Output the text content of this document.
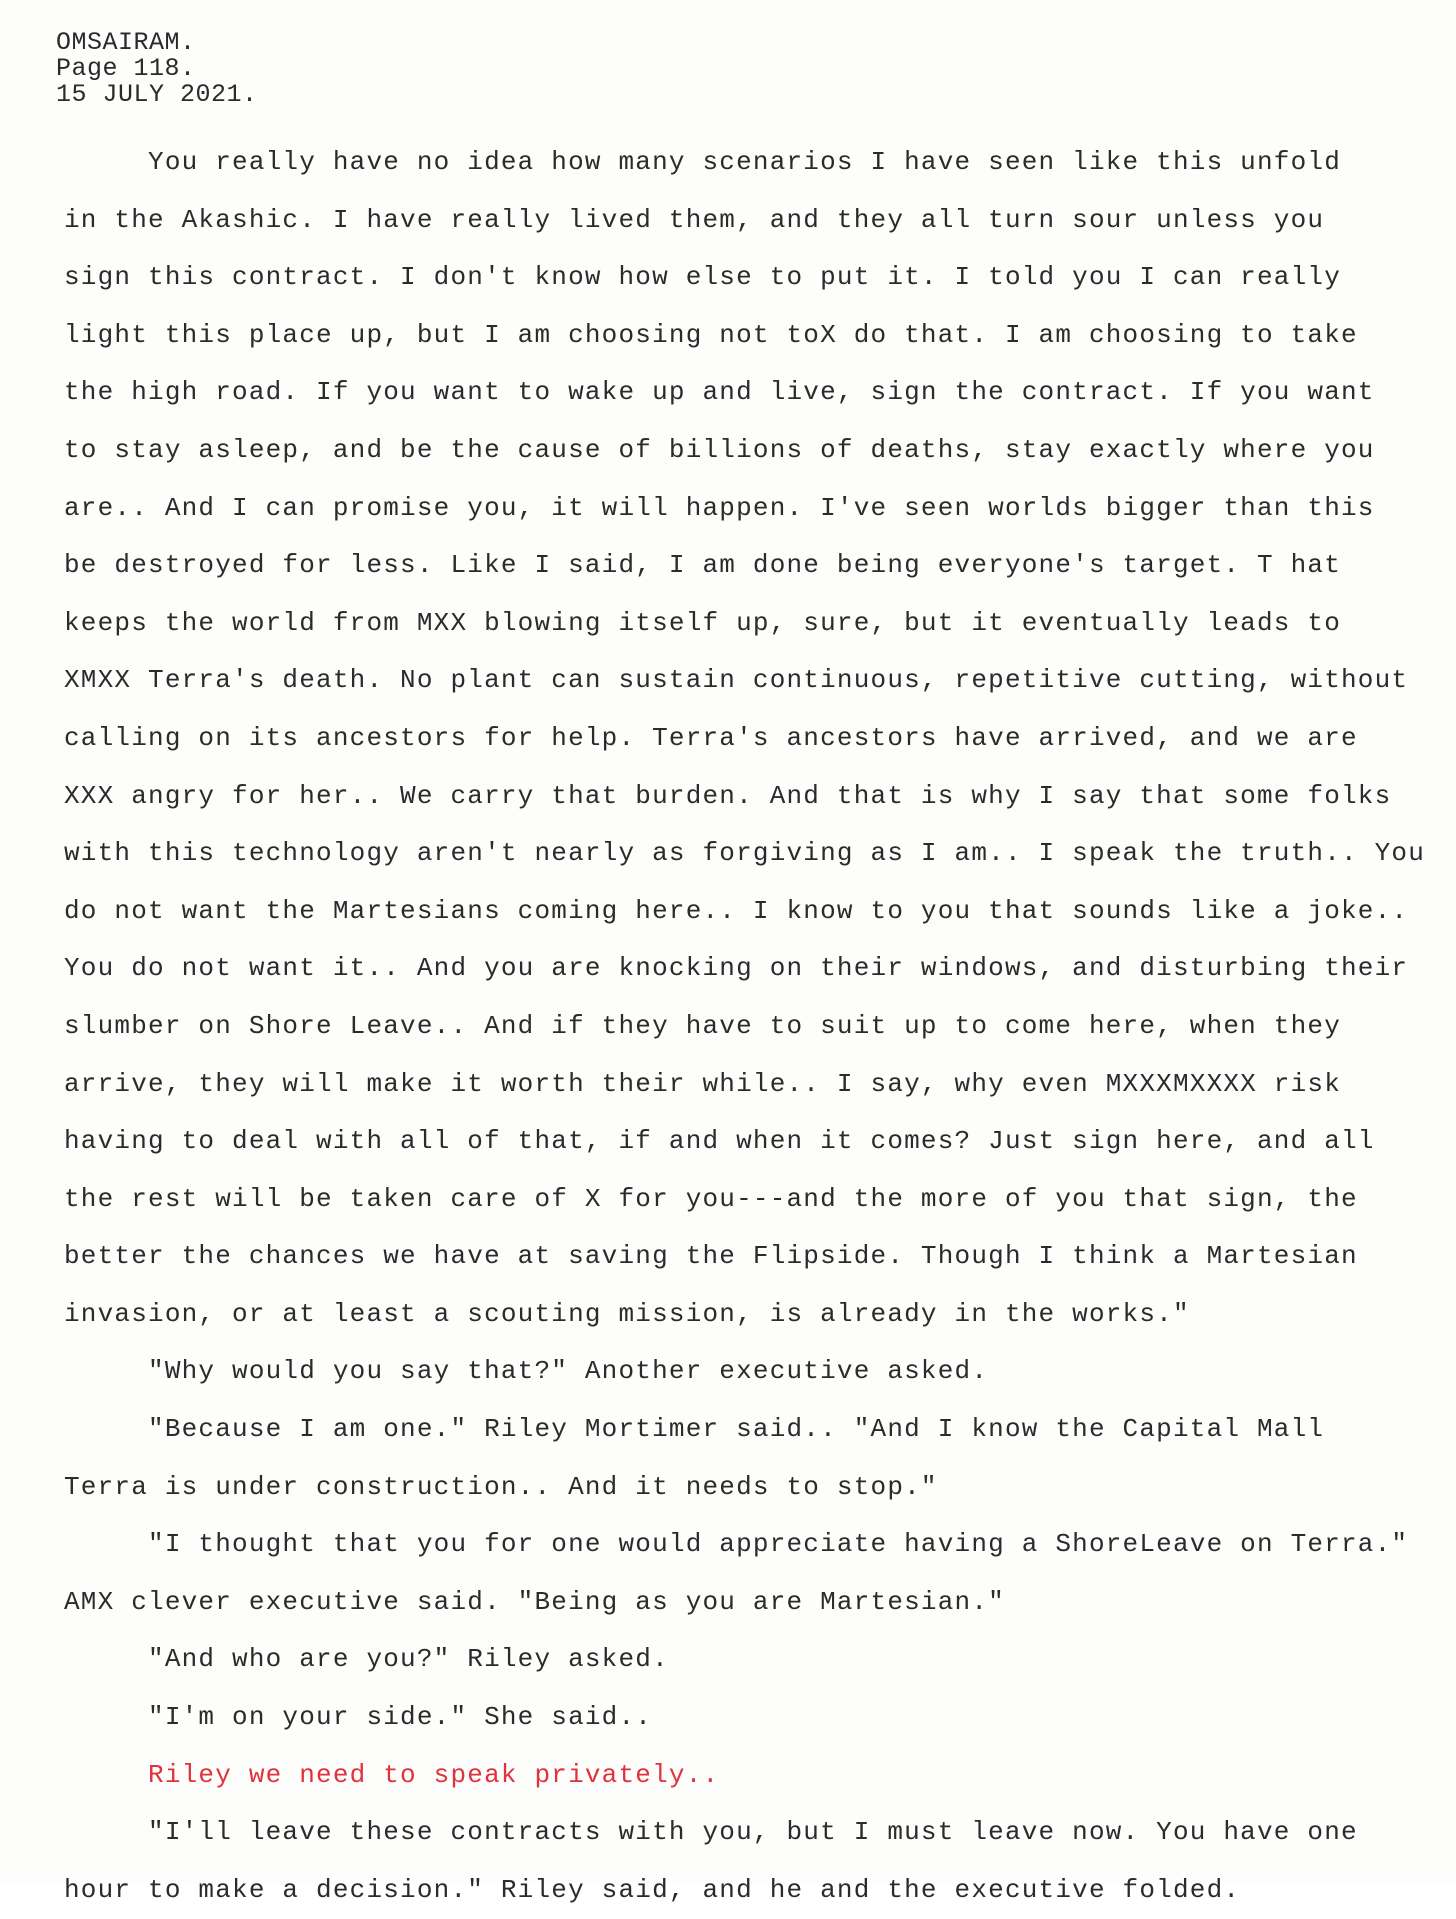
OMSAIRAM.
Page 118.
15 JULY 2021.
You really have no idea how many scenarios I have seen like this unfold
in the Akashic. I have really lived them, and they all turn sour unless you
sign this contract. I don't know how else to put it. I told you I can really
light this place up, but I am choosing not toX do that. I am choosing to take
the high road. If you want to wake up and live, sign the contract. If you want
to stay asleep, and be the cause of billions of deaths, stay exactly where you
are.. And I can promise you, it will happen. I've seen worlds bigger than this
be destroyed for less. Like I said, I am done being everyone's target. T hat
keeps the world from MXX blowing itself up, sure, but it eventually leads to
XMXX Terra's death. No plant can sustain continuous, repetitive cutting, without
calling on its ancestors for help. Terra's ancestors have arrived, and we are
XXX angry for her.. We carry that burden. And that is why I say that some folks
with this technology aren't nearly as forgiving as I am.. I speak the truth.. You
do not want the Martesians coming here.. I know to you that sounds like a joke..
You do not want it.. And you are knocking on their windows, and disturbing their
slumber on Shore Leave.. And if they have to suit up to come here, when they
arrive, they will make it worth their while.. I say, why even MXXXMXXXX risk
having to deal with all of that, if and when it comes? Just sign here, and all
the rest will be taken care of X for you---and the more of you that sign, the
better the chances we have at saving the Flipside. Though I think a Martesian
invasion, or at least a scouting mission, is already in the works."
"Why would you say that?" Another executive asked.
"Because I am one." Riley Mortimer said.. "And I know the Capital Mall
Terra is under construction.. And it needs to stop."
"I thought that you for one would appreciate having a ShoreLeave on Terra."
AMX clever executive said. "Being as you are Martesian."
"And who are you?" Riley asked.
"I'm on your side." She said..
Riley we need to speak privately..
"I'll leave these contracts with you, but I must leave now. You have one
hour to make a decision." Riley said, and he and the executive folded.
